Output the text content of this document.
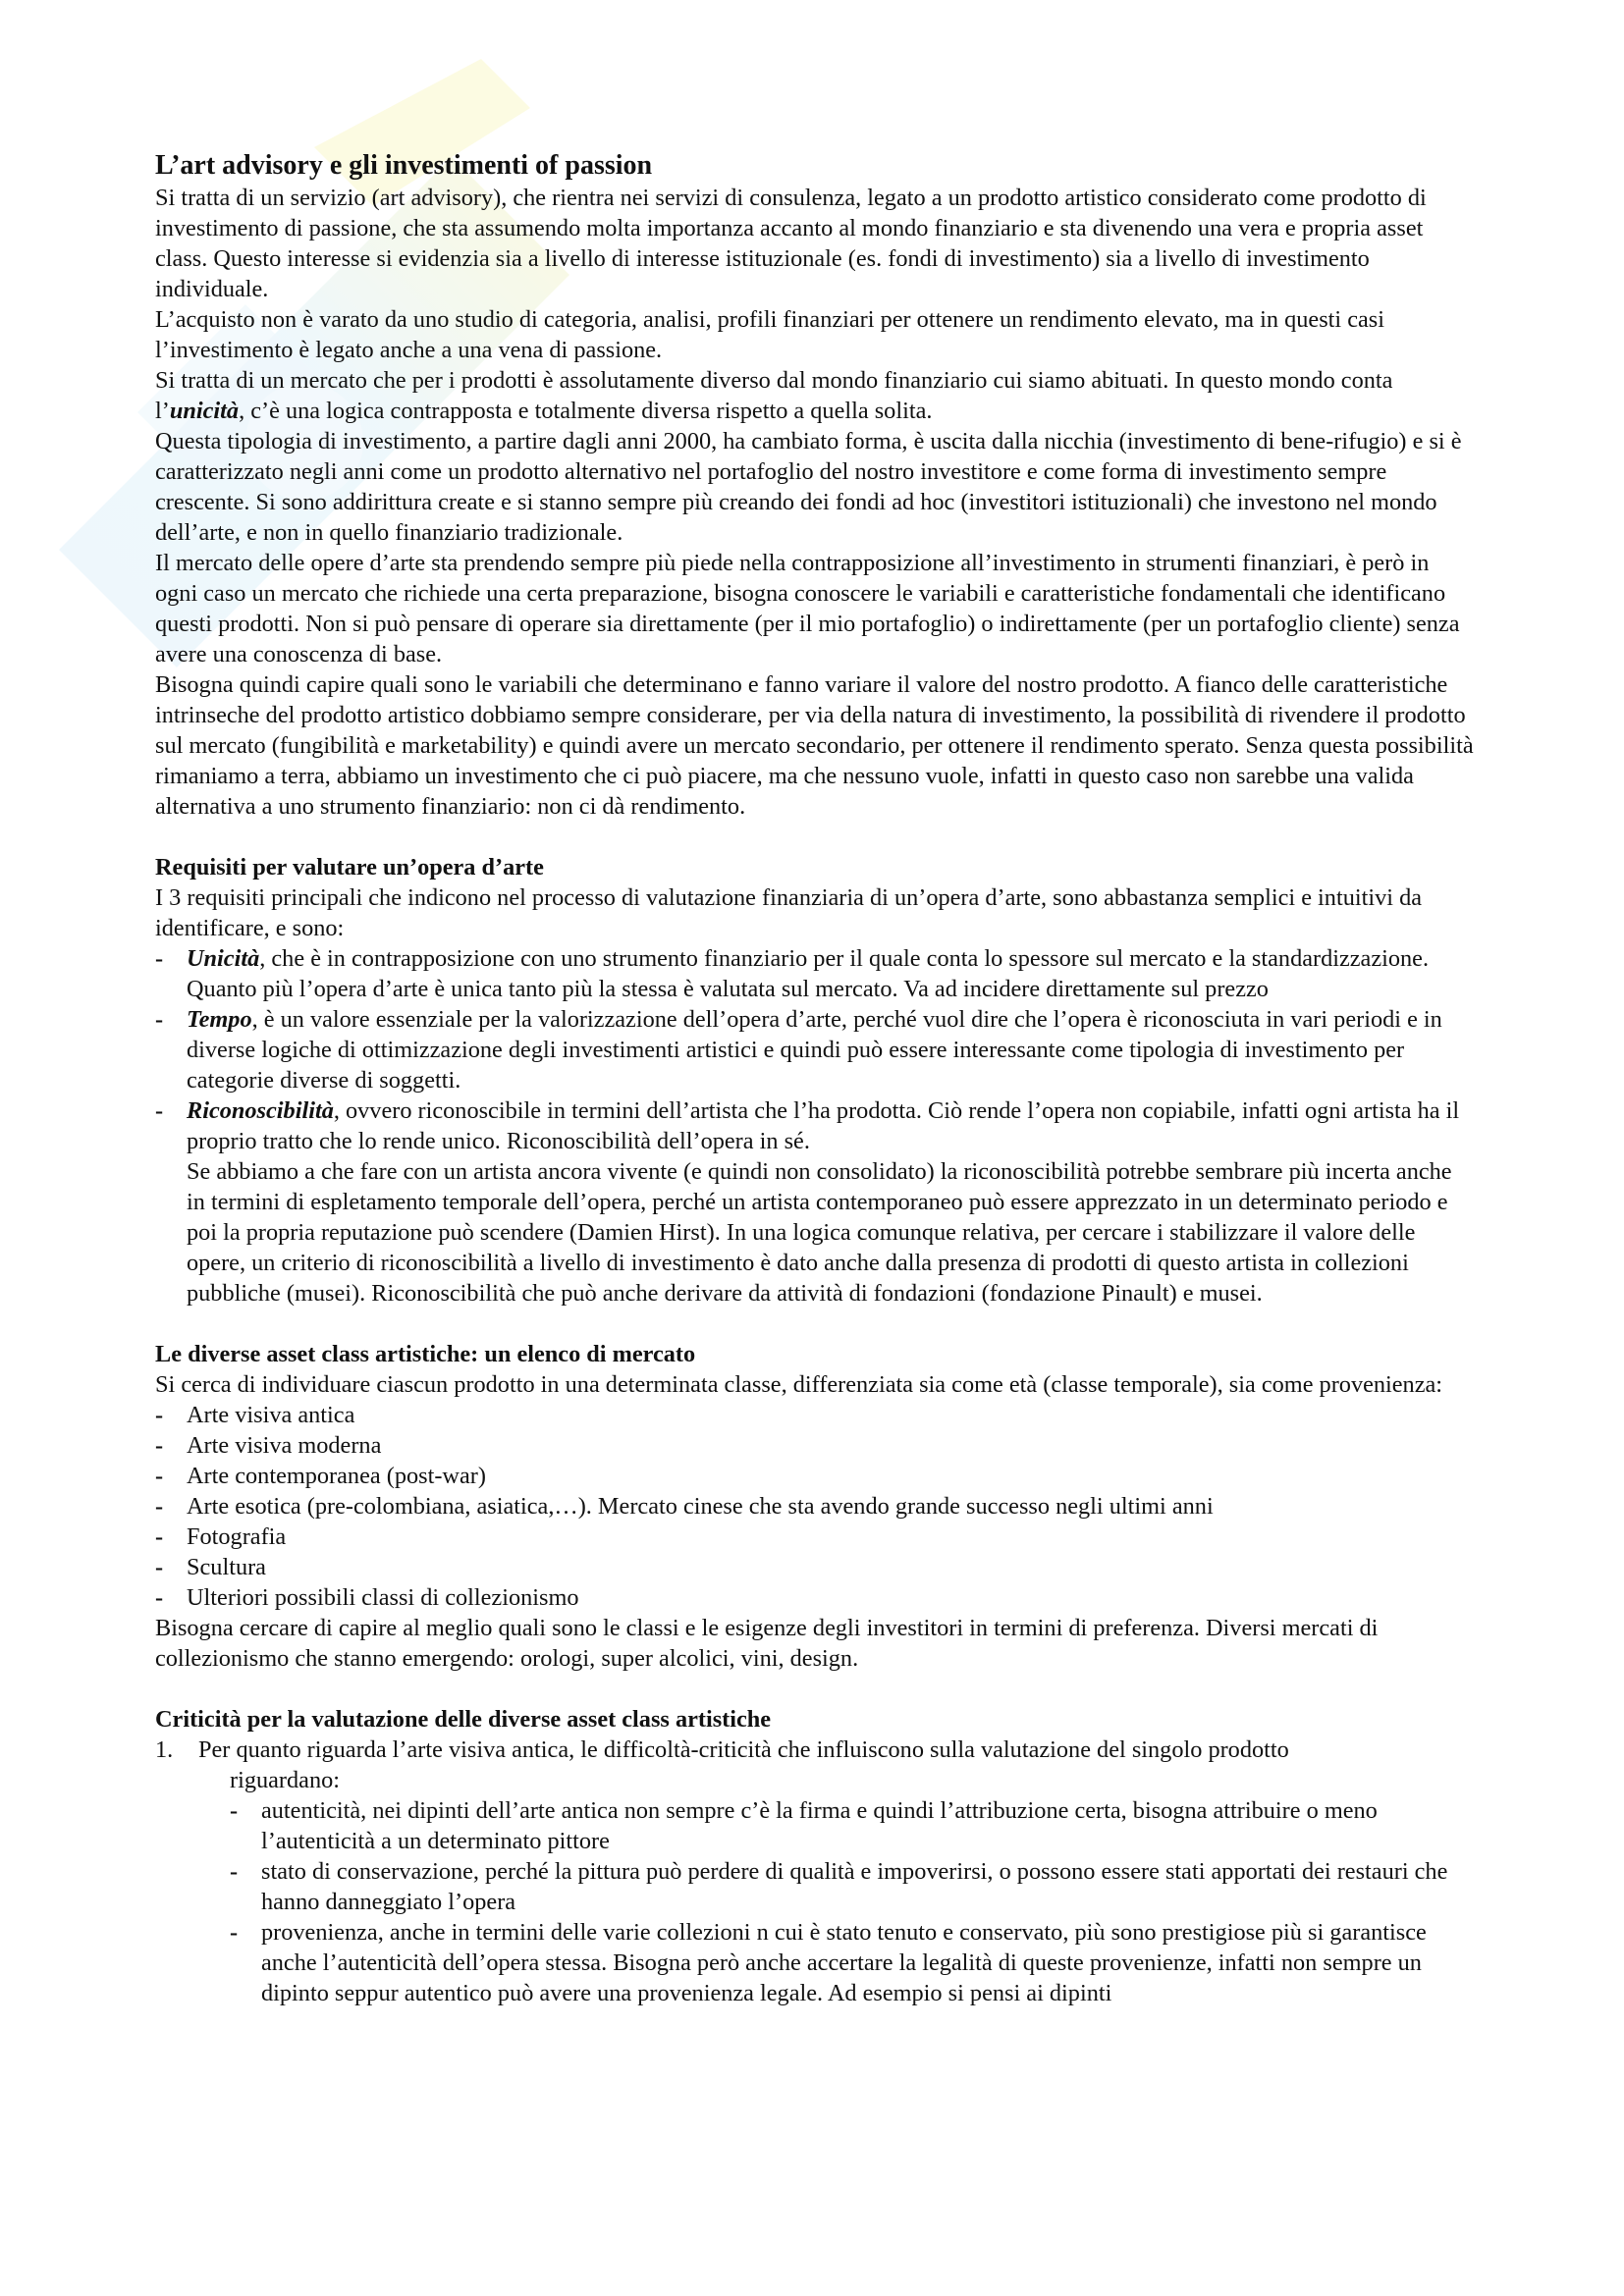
L’art advisory e gli investimenti of passion

Si tratta di un servizio (art advisory), che rientra nei servizi di consulenza, legato a un prodotto artistico considerato come prodotto di investimento di passione, che sta assumendo molta importanza accanto al mondo finanziario e sta divenendo una vera e propria asset class. Questo interesse si evidenzia sia a livello di interesse istituzionale (es. fondi di investimento) sia a livello di investimento individuale.

L’acquisto non è varato da uno studio di categoria, analisi, profili finanziari per ottenere un rendimento elevato, ma in questi casi l’investimento è legato anche a una vena di passione.

Si tratta di un mercato che per i prodotti è assolutamente diverso dal mondo finanziario cui siamo abituati. In questo mondo conta l’unicità, c’è una logica contrapposta e totalmente diversa rispetto a quella solita.

Questa tipologia di investimento, a partire dagli anni 2000, ha cambiato forma, è uscita dalla nicchia (investimento di bene-rifugio) e si è caratterizzato negli anni come un prodotto alternativo nel portafoglio del nostro investitore e come forma di investimento sempre crescente. Si sono addirittura create e si stanno sempre più creando dei fondi ad hoc (investitori istituzionali) che investono nel mondo dell’arte, e non in quello finanziario tradizionale.

Il mercato delle opere d’arte sta prendendo sempre più piede nella contrapposizione all’investimento in strumenti finanziari, è però in ogni caso un mercato che richiede una certa preparazione, bisogna conoscere le variabili e caratteristiche fondamentali che identificano questi prodotti. Non si può pensare di operare sia direttamente (per il mio portafoglio) o indirettamente (per un portafoglio cliente) senza avere una conoscenza di base.

Bisogna quindi capire quali sono le variabili che determinano e fanno variare il valore del nostro prodotto. A fianco delle caratteristiche intrinseche del prodotto artistico dobbiamo sempre considerare, per via della natura di investimento, la possibilità di rivendere il prodotto sul mercato (fungibilità e marketability) e quindi avere un mercato secondario, per ottenere il rendimento sperato. Senza questa possibilità rimaniamo a terra, abbiamo un investimento che ci può piacere, ma che nessuno vuole, infatti in questo caso non sarebbe una valida alternativa a uno strumento finanziario: non ci dà rendimento.

Requisiti per valutare un’opera d’arte

I 3 requisiti principali che indicono nel processo di valutazione finanziaria di un’opera d’arte, sono abbastanza semplici e intuitivi da identificare, e sono:

- Unicità, che è in contrapposizione con uno strumento finanziario per il quale conta lo spessore sul mercato e la standardizzazione. Quanto più l’opera d’arte è unica tanto più la stessa è valutata sul mercato. Va ad incidere direttamente sul prezzo
- Tempo, è un valore essenziale per la valorizzazione dell’opera d’arte, perché vuol dire che l’opera è riconosciuta in vari periodi e in diverse logiche di ottimizzazione degli investimenti artistici e quindi può essere interessante come tipologia di investimento per categorie diverse di soggetti.
- Riconoscibilità, ovvero riconoscibile in termini dell’artista che l’ha prodotta. Ciò rende l’opera non copiabile, infatti ogni artista ha il proprio tratto che lo rende unico. Riconoscibilità dell’opera in sé.
Se abbiamo a che fare con un artista ancora vivente (e quindi non consolidato) la riconoscibilità potrebbe sembrare più incerta anche in termini di espletamento temporale dell’opera, perché un artista contemporaneo può essere apprezzato in un determinato periodo e poi la propria reputazione può scendere (Damien Hirst). In una logica comunque relativa, per cercare i stabilizzare il valore delle opere, un criterio di riconoscibilità a livello di investimento è dato anche dalla presenza di prodotti di questo artista in collezioni pubbliche (musei). Riconoscibilità che può anche derivare da attività di fondazioni (fondazione Pinault) e musei.
Le diverse asset class artistiche: un elenco di mercato

Si cerca di individuare ciascun prodotto in una determinata classe, differenziata sia come età (classe temporale), sia come provenienza:

- Arte visiva antica
- Arte visiva moderna
- Arte contemporanea (post-war)
- Arte esotica (pre-colombiana, asiatica,…). Mercato cinese che sta avendo grande successo negli ultimi anni
- Fotografia
- Scultura
- Ulteriori possibili classi di collezionismo

Bisogna cercare di capire al meglio quali sono le classi e le esigenze degli investitori in termini di preferenza. Diversi mercati di collezionismo che stanno emergendo: orologi, super alcolici, vini, design.

Criticità per la valutazione delle diverse asset class artistiche
1. Per quanto riguarda l’arte visiva antica, le difficoltà-criticità che influiscono sulla valutazione del singolo prodotto
riguardano:
- autenticità, nei dipinti dell’arte antica non sempre c’è la firma e quindi l’attribuzione certa, bisogna attribuire o meno l’autenticità a un determinato pittore
- stato di conservazione, perché la pittura può perdere di qualità e impoverirsi, o possono essere stati apportati dei restauri che hanno danneggiato l’opera
- provenienza, anche in termini delle varie collezioni n cui è stato tenuto e conservato, più sono prestigiose più si garantisce anche l’autenticità dell’opera stessa. Bisogna però anche accertare la legalità di queste provenienze, infatti non sempre un dipinto seppur autentico può avere una provenienza legale. Ad esempio si pensi ai dipinti
